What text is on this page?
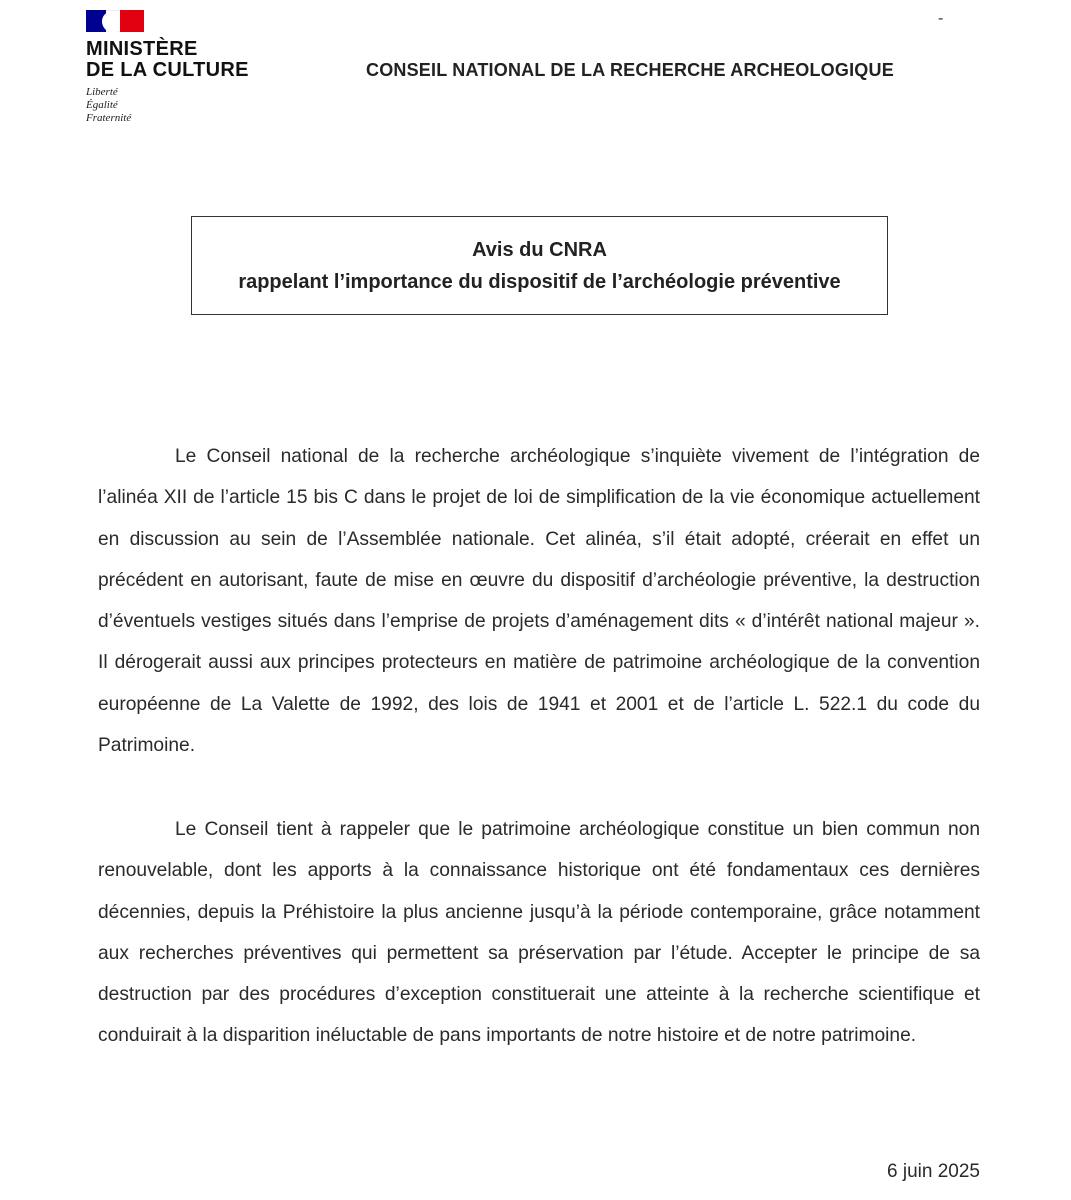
MINISTÈRE
DE LA CULTURE
Liberté
Égalité
Fraternité
-
CONSEIL NATIONAL DE LA RECHERCHE ARCHEOLOGIQUE
Avis du CNRA
rappelant l’importance du dispositif de l’archéologie préventive

Le Conseil national de la recherche archéologique s’inquiète vivement de l’intégration de l’alinéa XII de l’article 15 bis C dans le projet de loi de simplification de la vie économique actuellement en discussion au sein de l’Assemblée nationale. Cet alinéa, s’il était adopté, créerait en effet un précédent en autorisant, faute de mise en œuvre du dispositif d’archéologie préventive, la destruction d’éventuels vestiges situés dans l’emprise de projets d’aménagement dits « d’intérêt national majeur ». Il dérogerait aussi aux principes protecteurs en matière de patrimoine archéologique de la convention européenne de La Valette de 1992, des lois de 1941 et 2001 et de l’article L. 522.1 du code du Patrimoine.

Le Conseil tient à rappeler que le patrimoine archéologique constitue un bien commun non renouvelable, dont les apports à la connaissance historique ont été fondamentaux ces dernières décennies, depuis la Préhistoire la plus ancienne jusqu’à la période contemporaine, grâce notamment aux recherches préventives qui permettent sa préservation par l’étude. Accepter le principe de sa destruction par des procédures d’exception constituerait une atteinte à la recherche scientifique et conduirait à la disparition inéluctable de pans importants de notre histoire et de notre patrimoine.

6 juin 2025
